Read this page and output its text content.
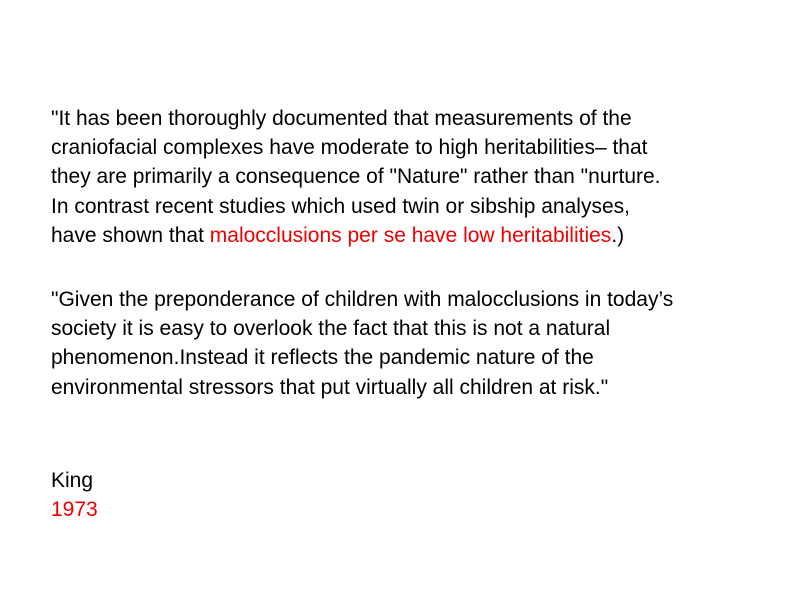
"It has been thoroughly documented that measurements of the
craniofacial complexes have moderate to high heritabilities– that
they are primarily a consequence of "Nature" rather than "nurture.
In contrast recent studies which used twin or sibship analyses,
have shown that malocclusions per se have low heritabilities.)
"Given the preponderance of children with malocclusions in today’s
society it is easy to overlook the fact that this is not a natural
phenomenon.Instead it reflects the pandemic nature of the
environmental stressors that put virtually all children at risk."
King
1973
